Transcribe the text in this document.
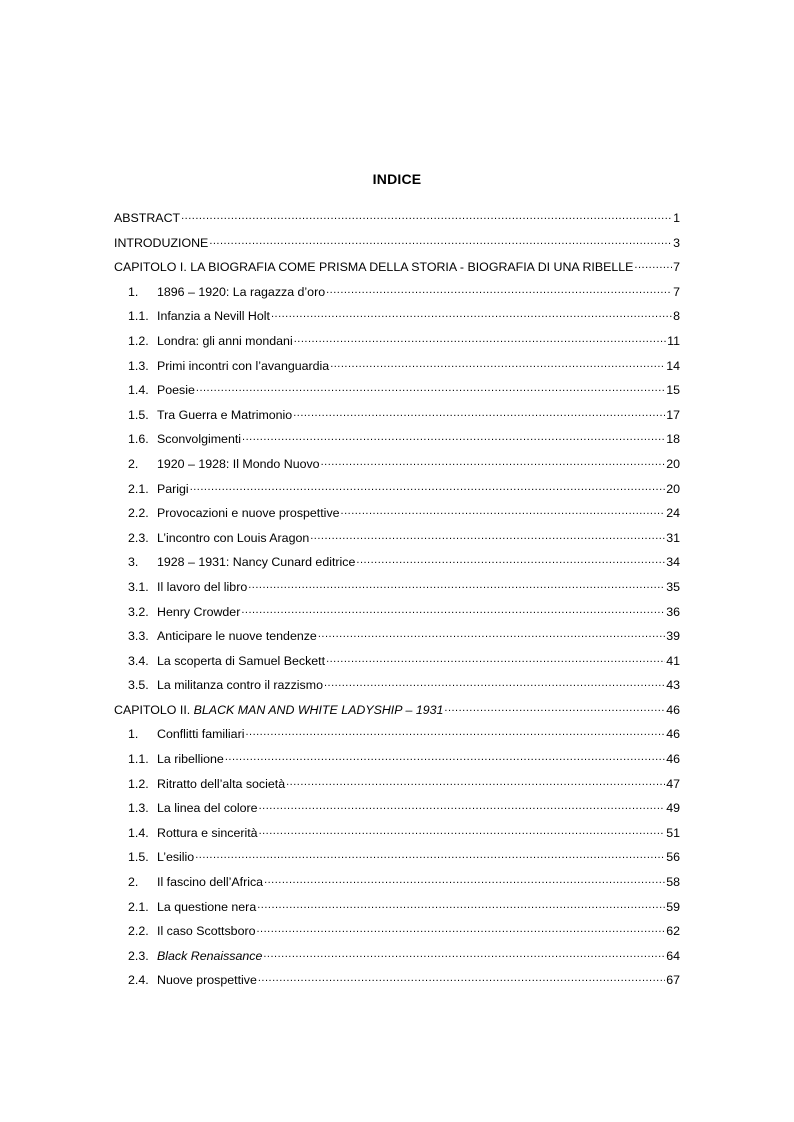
INDICE
ABSTRACT .....	1
INTRODUZIONE .....	3
CAPITOLO I. LA BIOGRAFIA COME PRISMA DELLA STORIA - BIOGRAFIA DI UNA RIBELLE .....	7
1.	1896 – 1920: La ragazza d’oro .....	7
1.1. Infanzia a Nevill Holt .....	8
1.2. Londra: gli anni mondani .....	11
1.3. Primi incontri con l’avanguardia .....	14
1.4. Poesie .....	15
1.5. Tra Guerra e Matrimonio .....	17
1.6. Sconvolgimenti .....	18
2.	1920 – 1928: Il Mondo Nuovo .....	20
2.1. Parigi .....	20
2.2. Provocazioni e nuove prospettive .....	24
2.3. L’incontro con Louis Aragon .....	31
3.	1928 – 1931: Nancy Cunard editrice .....	34
3.1. Il lavoro del libro .....	35
3.2. Henry Crowder .....	36
3.3. Anticipare le nuove tendenze .....	39
3.4. La scoperta di Samuel Beckett .....	41
3.5. La militanza contro il razzismo .....	43
CAPITOLO II. BLACK MAN AND WHITE LADYSHIP – 1931 .....	46
1.	Conflitti familiari .....	46
1.1. La ribellione .....	46
1.2. Ritratto dell’alta società .....	47
1.3. La linea del colore .....	49
1.4. Rottura e sincerità .....	51
1.5. L’esilio .....	56
2.	Il fascino dell’Africa .....	58
2.1. La questione nera .....	59
2.2. Il caso Scottsboro .....	62
2.3. Black Renaissance .....	64
2.4. Nuove prospettive .....	67
